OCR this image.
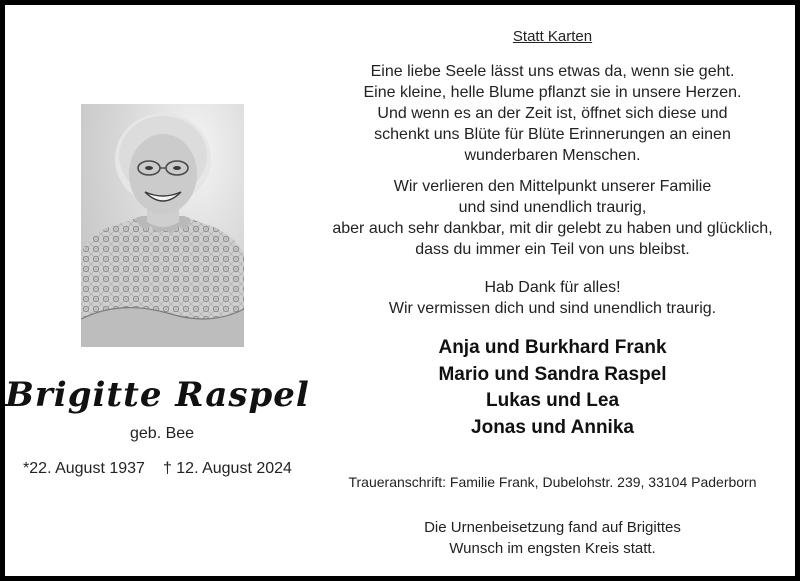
Brigitte Raspel
geb. Bee
*22. August 1937 † 12. August 2024
Statt Karten
Eine liebe Seele lässt uns etwas da, wenn sie geht.
Eine kleine, helle Blume pflanzt sie in unsere Herzen.
Und wenn es an der Zeit ist, öffnet sich diese und
schenkt uns Blüte für Blüte Erinnerungen an einen
wunderbaren Menschen.
Wir verlieren den Mittelpunkt unserer Familie
und sind unendlich traurig,
aber auch sehr dankbar, mit dir gelebt zu haben und glücklich,
dass du immer ein Teil von uns bleibst.
Hab Dank für alles!
Wir vermissen dich und sind unendlich traurig.
Anja und Burkhard Frank
Mario und Sandra Raspel
Lukas und Lea
Jonas und Annika
Traueranschrift: Familie Frank, Dubelohstr. 239, 33104 Paderborn
Die Urnenbeisetzung fand auf Brigittes
Wunsch im engsten Kreis statt.
